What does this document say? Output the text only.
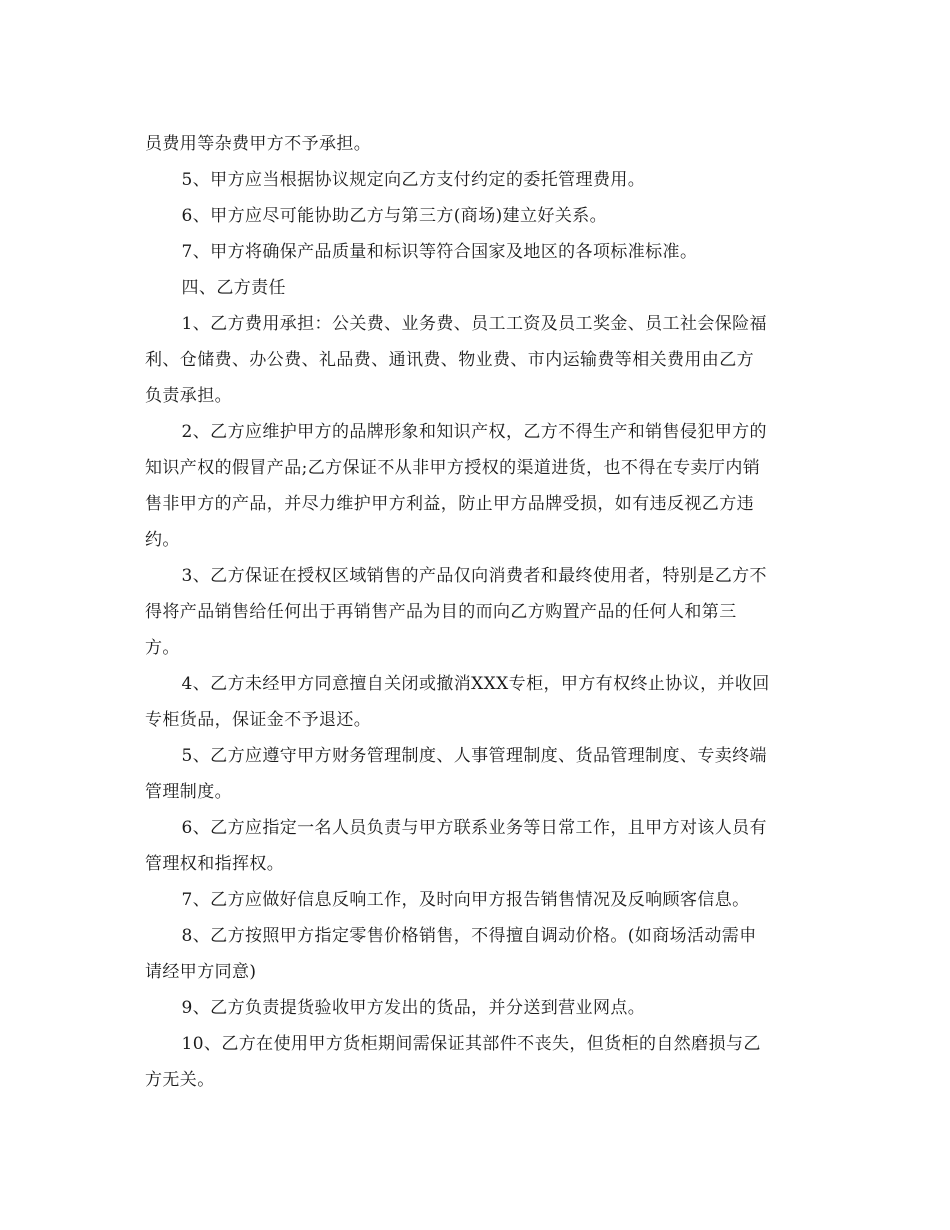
员费用等杂费甲方不予承担。

5、甲方应当根据协议规定向乙方支付约定的委托管理费用。

6、甲方应尽可能协助乙方与第三方(商场)建立好关系。

7、甲方将确保产品质量和标识等符合国家及地区的各项标准标准。

四、乙方责任

1、乙方费用承担：公关费、业务费、员工工资及员工奖金、员工社会保险福
利、仓储费、办公费、礼品费、通讯费、物业费、市内运输费等相关费用由乙方
负责承担。

2、乙方应维护甲方的品牌形象和知识产权，乙方不得生产和销售侵犯甲方的
知识产权的假冒产品;乙方保证不从非甲方授权的渠道进货，也不得在专卖厅内销
售非甲方的产品，并尽力维护甲方利益，防止甲方品牌受损，如有违反视乙方违
约。

3、乙方保证在授权区域销售的产品仅向消费者和最终使用者，特别是乙方不
得将产品销售给任何出于再销售产品为目的而向乙方购置产品的任何人和第三
方。

4、乙方未经甲方同意擅自关闭或撤消XXX专柜，甲方有权终止协议，并收回
专柜货品，保证金不予退还。

5、乙方应遵守甲方财务管理制度、人事管理制度、货品管理制度、专卖终端
管理制度。

6、乙方应指定一名人员负责与甲方联系业务等日常工作，且甲方对该人员有
管理权和指挥权。

7、乙方应做好信息反响工作，及时向甲方报告销售情况及反响顾客信息。

8、乙方按照甲方指定零售价格销售，不得擅自调动价格。(如商场活动需申
请经甲方同意)

9、乙方负责提货验收甲方发出的货品，并分送到营业网点。

10、乙方在使用甲方货柜期间需保证其部件不丧失，但货柜的自然磨损与乙
方无关。
